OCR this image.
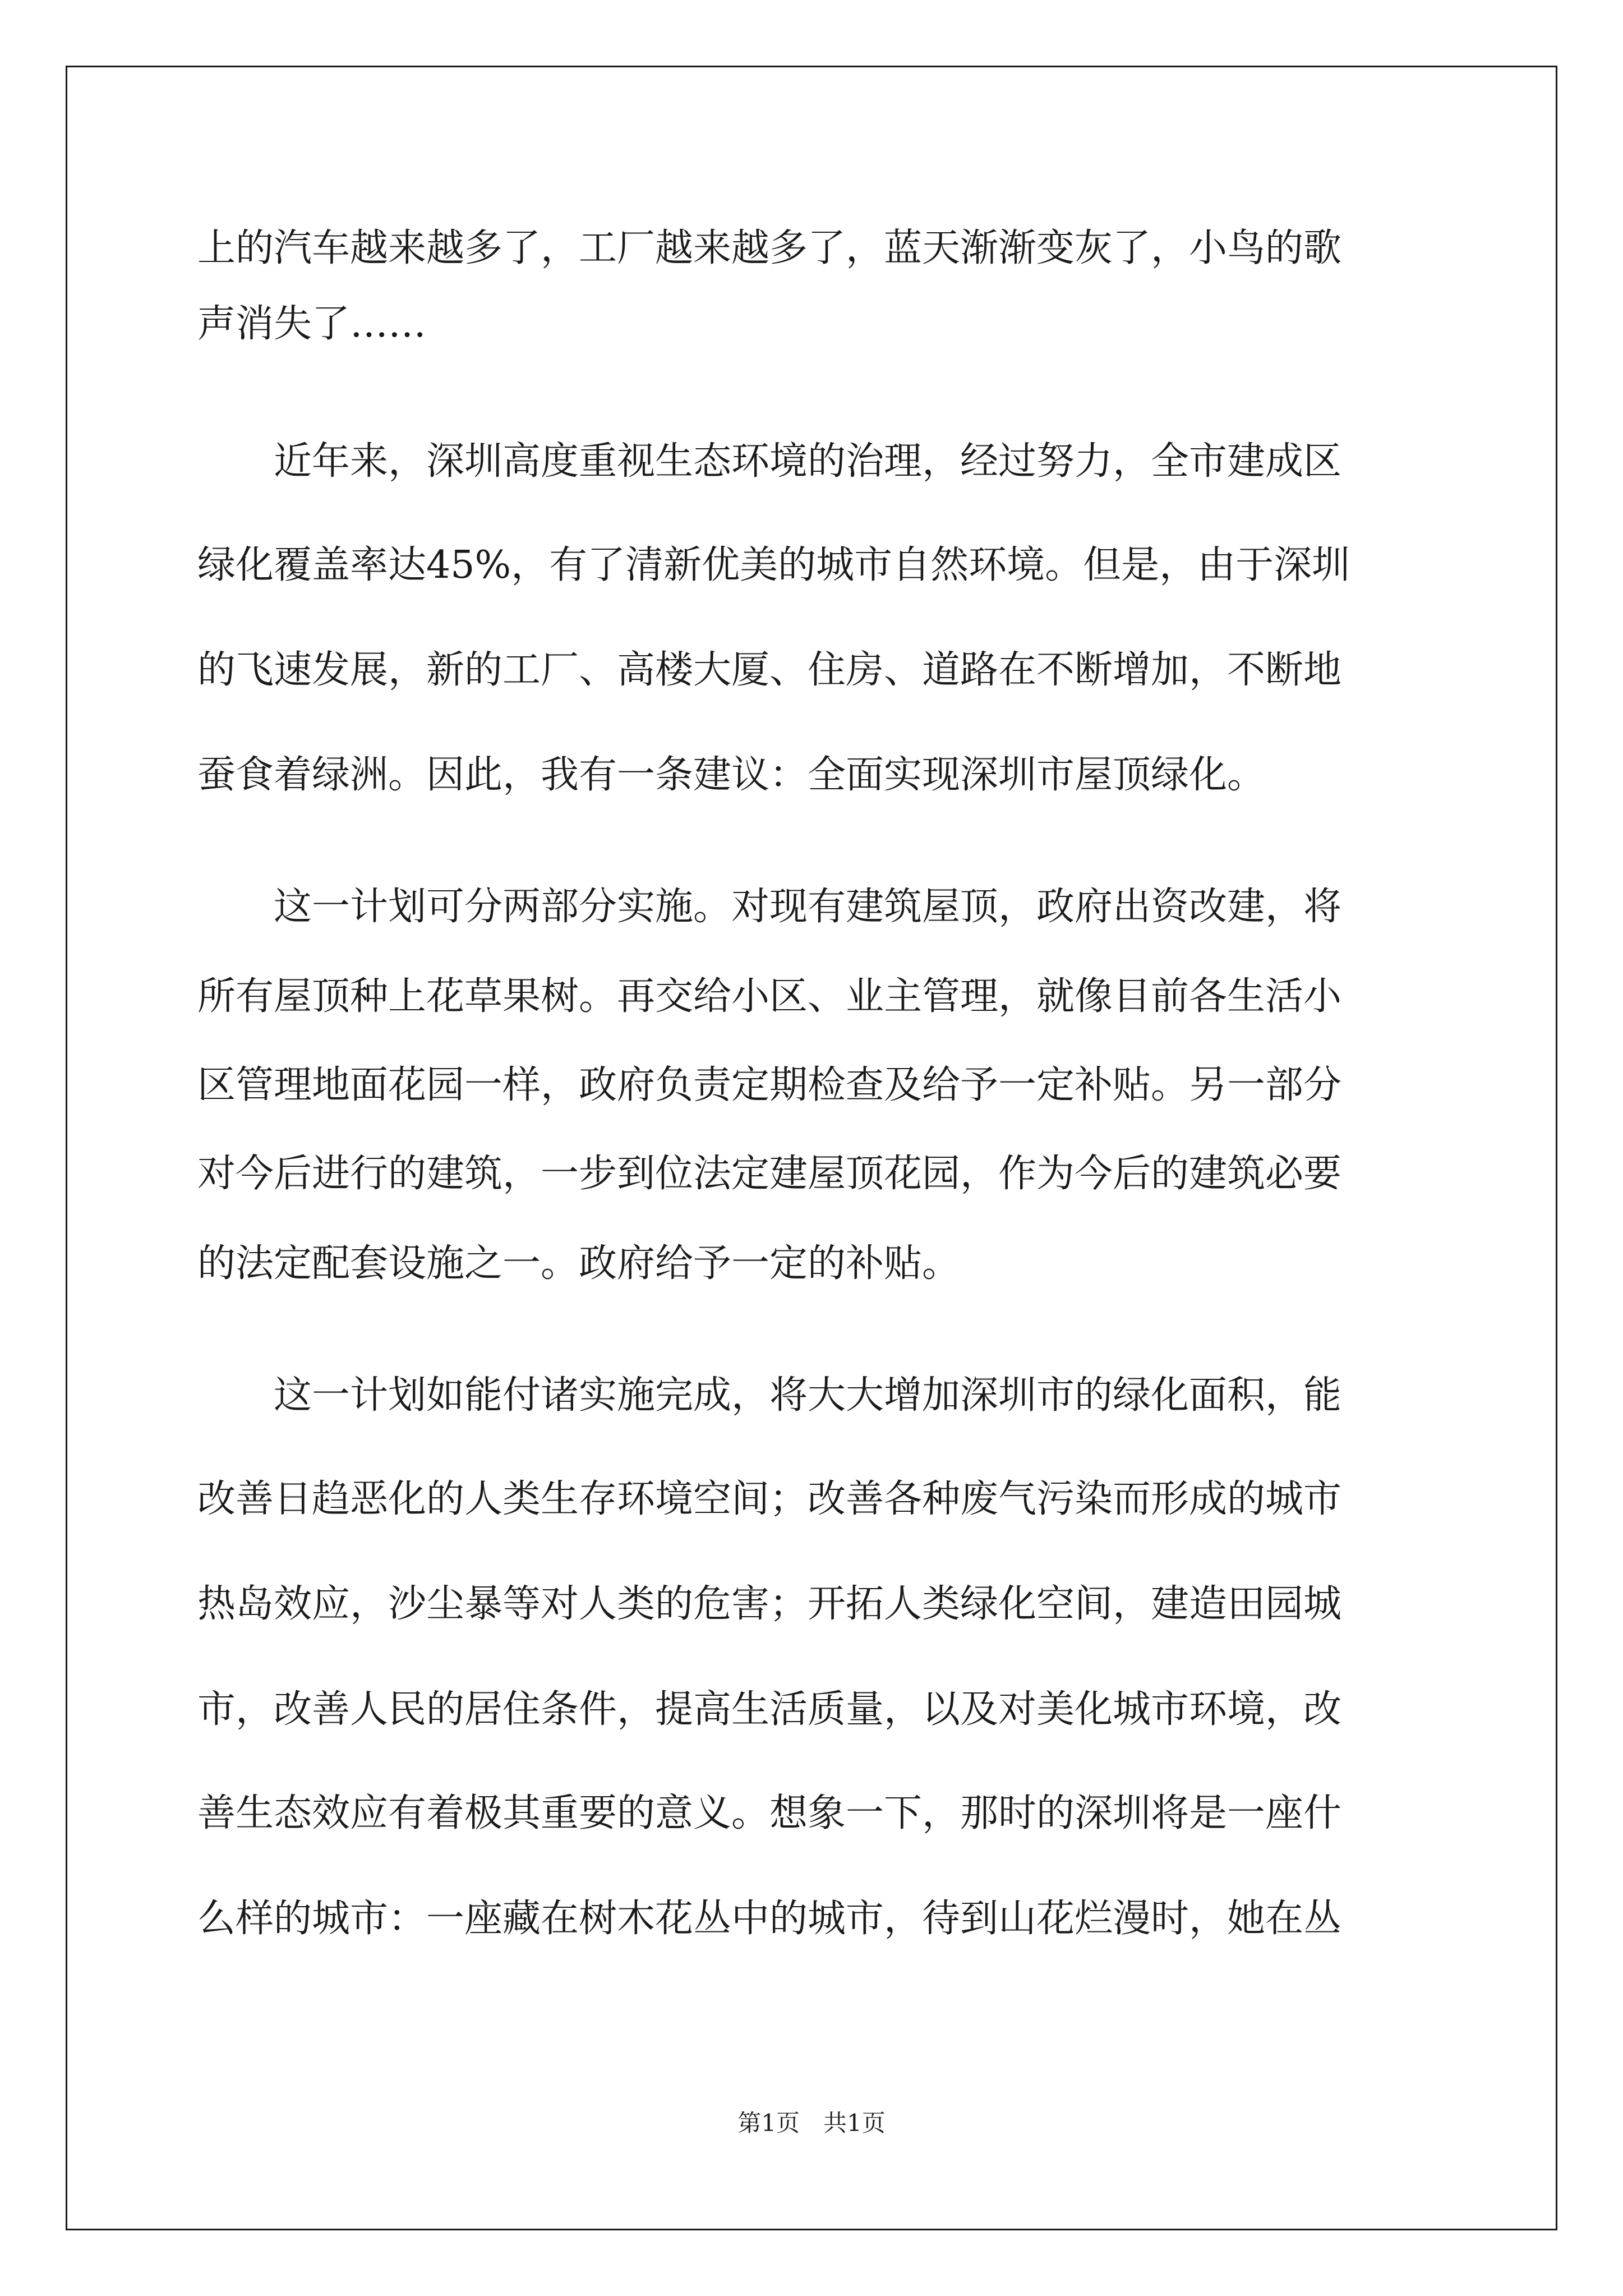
上的汽车越来越多了，工厂越来越多了，蓝天渐渐变灰了，小鸟的歌
声消失了……
　　近年来，深圳高度重视生态环境的治理，经过努力，全市建成区
绿化覆盖率达45%，有了清新优美的城市自然环境。但是，由于深圳
的飞速发展，新的工厂、高楼大厦、住房、道路在不断增加，不断地
蚕食着绿洲。因此，我有一条建议：全面实现深圳市屋顶绿化。
　　这一计划可分两部分实施。对现有建筑屋顶，政府出资改建，将
所有屋顶种上花草果树。再交给小区、业主管理，就像目前各生活小
区管理地面花园一样，政府负责定期检查及给予一定补贴。另一部分
对今后进行的建筑，一步到位法定建屋顶花园，作为今后的建筑必要
的法定配套设施之一。政府给予一定的补贴。
　　这一计划如能付诸实施完成，将大大增加深圳市的绿化面积，能
改善日趋恶化的人类生存环境空间；改善各种废气污染而形成的城市
热岛效应，沙尘暴等对人类的危害；开拓人类绿化空间，建造田园城
市，改善人民的居住条件，提高生活质量，以及对美化城市环境，改
善生态效应有着极其重要的意义。想象一下，那时的深圳将是一座什
么样的城市：一座藏在树木花丛中的城市，待到山花烂漫时，她在丛
第1页　共1页
